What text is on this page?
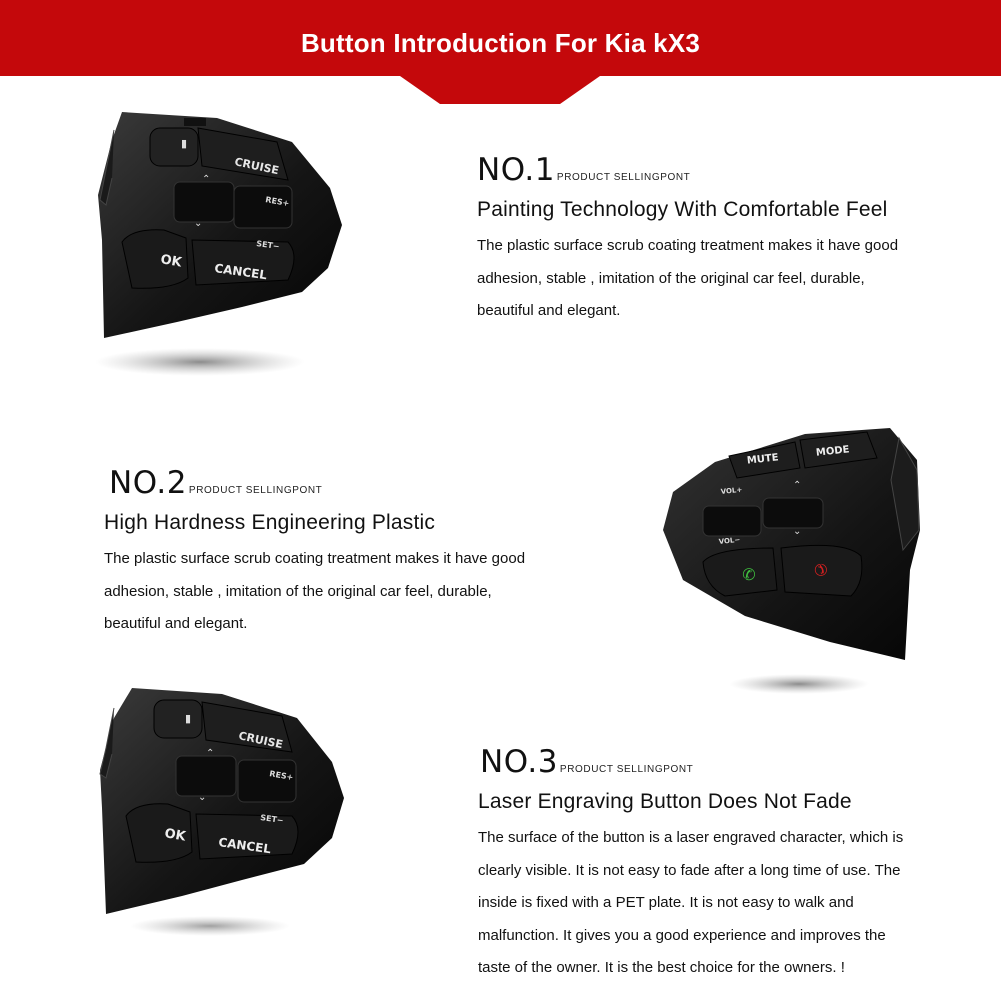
Button Introduction For Kia kX3
▮
CRUISE
⌃
RES+
⌄
SET−
OK	CANCEL
NO.1 PRODUCT SELLINGPONT
Painting Technology With Comfortable Feel
The plastic surface scrub coating treatment makes it have good
adhesion, stable , imitation of the original car feel, durable,
beautiful and elegant.
NO.2 PRODUCT SELLINGPONT
High Hardness Engineering Plastic
The plastic surface scrub coating treatment makes it have good
adhesion, stable , imitation of the original car feel, durable,
beautiful and elegant.
MUTE
MODE
VOL+	⌃
VOL−
⌄
✆	✆
▮
CRUISE
⌃
RES+
⌄
SET−
OK	CANCEL
NO.3 PRODUCT SELLINGPONT
Laser Engraving Button Does Not Fade
The surface of the button is a laser engraved character, which is
clearly visible. It is not easy to fade after a long time of use. The
inside is fixed with a PET plate. It is not easy to walk and
malfunction. It gives you a good experience and improves the
taste of the owner. It is the best choice for the owners. !
